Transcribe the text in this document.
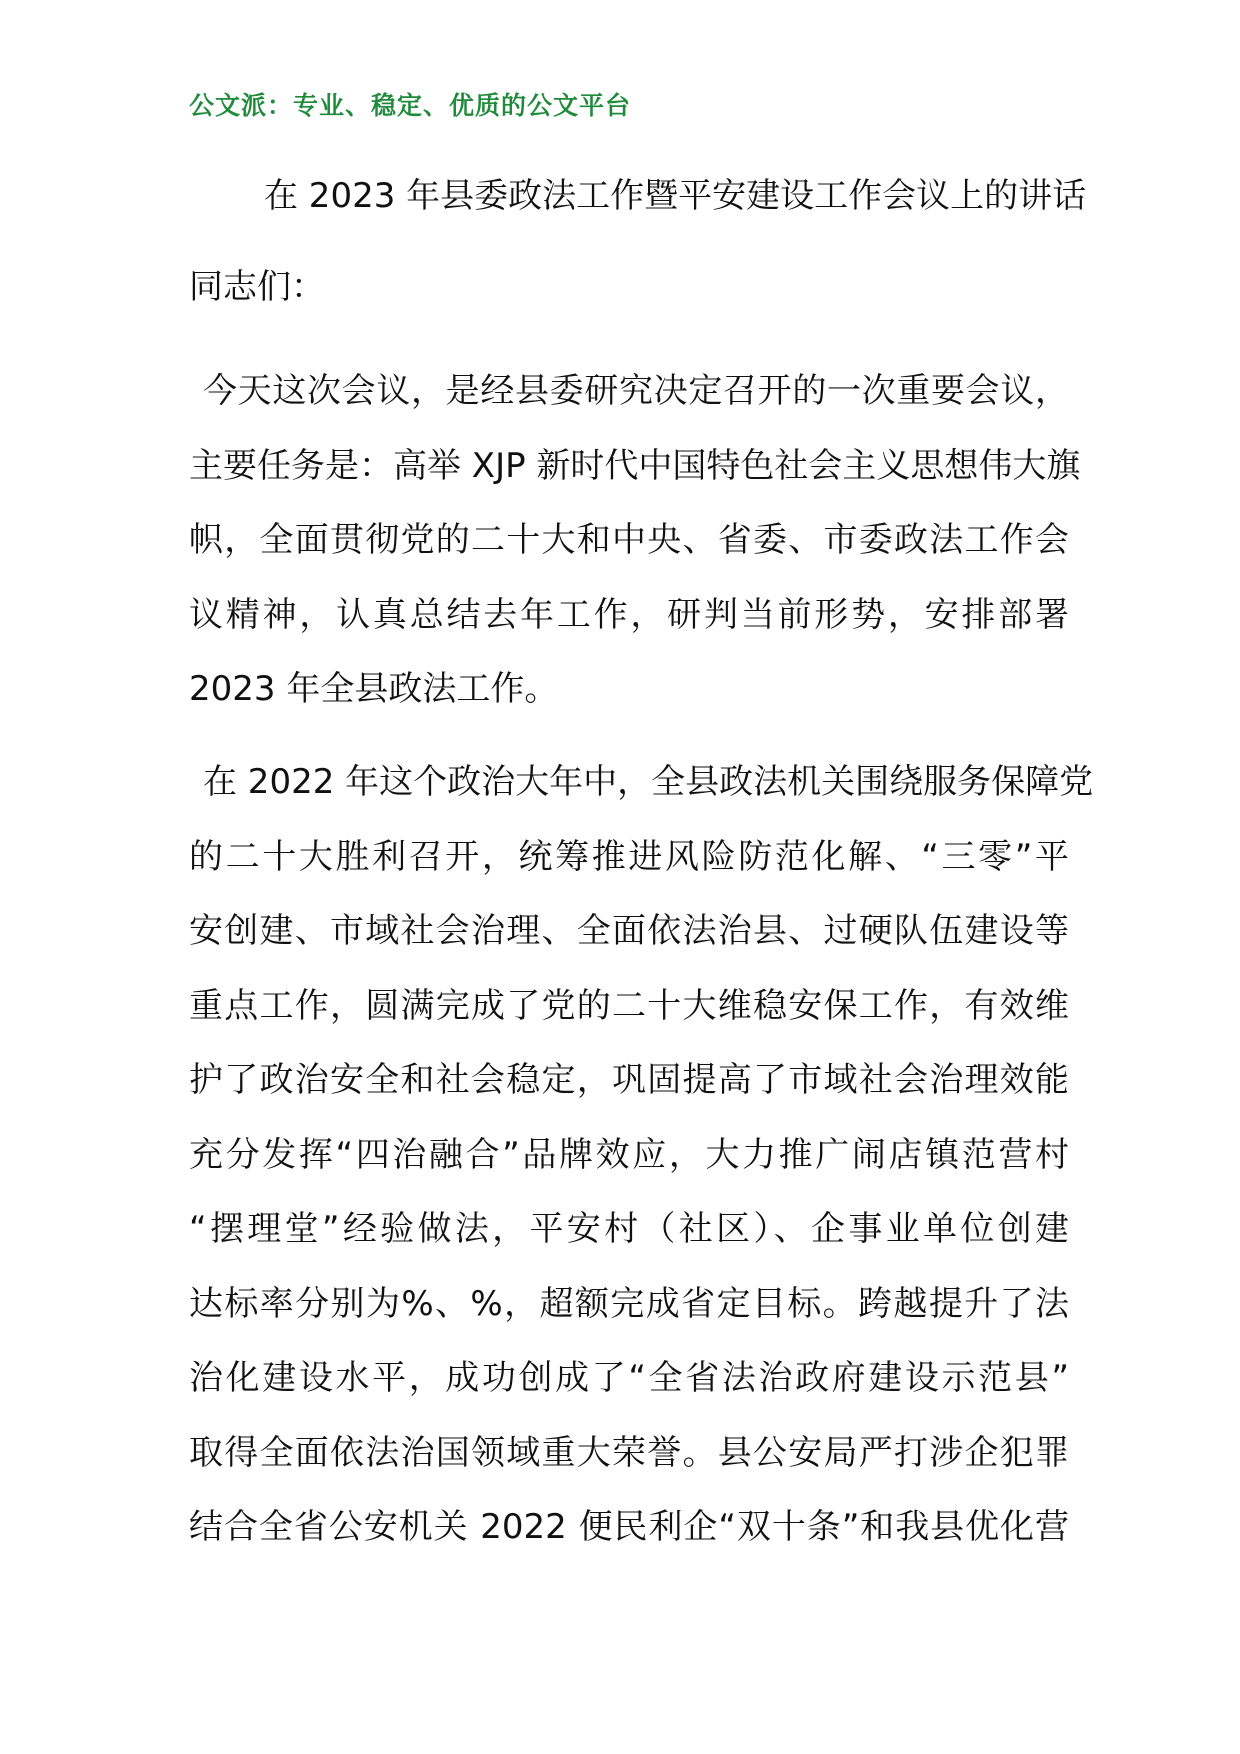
公文派：专业、稳定、优质的公文平台
在 2023 年县委政法工作暨平安建设工作会议上的讲话
同志们：
今天这次会议，是经县委研究决定召开的一次重要会议，
主要任务是：高举 XJP 新时代中国特色社会主义思想伟大旗
帜，全面贯彻党的二十大和中央、省委、市委政法工作会
议精神，认真总结去年工作，研判当前形势，安排部署
2023 年全县政法工作。
在 2022 年这个政治大年中，全县政法机关围绕服务保障党
的二十大胜利召开，统筹推进风险防范化解、“三零”平
安创建、市域社会治理、全面依法治县、过硬队伍建设等
重点工作，圆满完成了党的二十大维稳安保工作，有效维
护了政治安全和社会稳定，巩固提高了市域社会治理效能
充分发挥“四治融合”品牌效应，大力推广闹店镇范营村
“摆理堂”经验做法，平安村（社区）、企事业单位创建
达标率分别为%、%，超额完成省定目标。跨越提升了法
治化建设水平，成功创成了“全省法治政府建设示范县”
取得全面依法治国领域重大荣誉。县公安局严打涉企犯罪
结合全省公安机关 2022 便民利企“双十条”和我县优化营
